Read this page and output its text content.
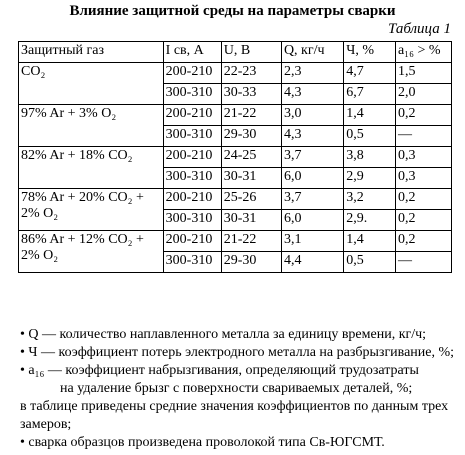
Влияние защитной среды на параметры сварки
Таблица 1
Защитный газ	I св, А	U, В	Q, кг/ч	Ч, %	a₁₆ > %
CO₂	200-210	22-23	2,3	4,7	1,5
	300-310	30-33	4,3	6,7	2,0
97% Ar + 3% O₂	200-210	21-22	3,0	1,4	0,2
	300-310	29-30	4,3	0,5	—
82% Ar + 18% CO₂	200-210	24-25	3,7	3,8	0,3
	300-310	30-31	6,0	2,9	0,3
78% Ar + 20% CO₂ + 2% O₂	200-210	25-26	3,7	3,2	0,2
	300-310	30-31	6,0	2,9.	0,2
86% Ar + 12% CO₂ + 2% O₂	200-210	21-22	3,1	1,4	0,2
	300-310	29-30	4,4	0,5	—

• Q — количество наплавленного металла за единицу времени, кг/ч;

• Ч — коэффициент потерь электродного металла на разбрызгивание, %;

• a₁₆ — коэффициент набрызгивания, определяющий трудозатраты

на удаление брызг с поверхности свариваемых деталей, %;

в таблице приведены средние значения коэффициентов по данным трех замеров;

• сварка образцов произведена проволокой типа Св-ЮГСМТ.
